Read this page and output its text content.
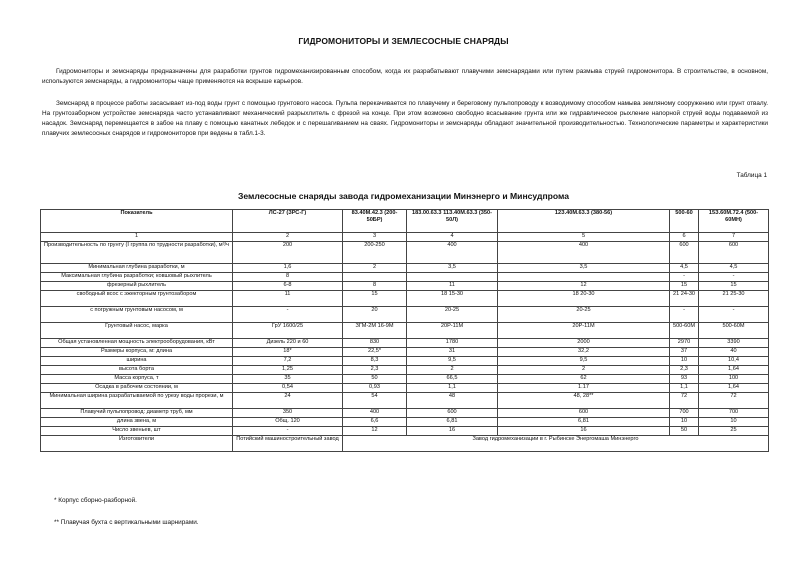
ГИДРОМОНИТОРЫ И ЗЕМЛЕСОСНЫЕ СНАРЯДЫ
Гидромониторы и земснаряды предназначены для разработки грунтов гидромеханизированным способом, когда их разрабатывают плавучими земснарядами или путем размыва струей гидромонитора. В строительстве, в основном, используются земснаряды, а гидромониторы чаще применяются на вскрыше карьеров.
Земснаряд в процессе работы засасывает из-под воды грунт с помощью грунтового насоса. Пульпа перекачивается по плавучему и береговому пульпопроводу к возводимому способом намыва земляному сооружению или грунт отвалу. На грунтозаборном устройстве земснаряда часто устанавливают механический разрыхлитель с фрезой на конце. При этом возможно свободно всасывание грунта или же гидравлическое рыхление напорной струей воды подаваемой из насадок. Земснаряд перемещается в забое на плаву с помощью канатных лебедок и с перешагиванием на сваях. Гидромониторы и земснаряды обладают значительной производительностью. Технологические параметры и характеристики плавучих землесосных снарядов и гидромониторов при ведены в табл.1-3.
Таблица 1
Землесосные снаряды завода гидромеханизации Минэнерго и Минсудпрома
Показатель	ЛС-27 (ЗРС-Г)	83.40М.42.3 (200-50БР)	183.00.63.3 11З.40М.63.3 (350-50Л)	12З.40М.63.3 (380-56)	500-60	15З.60М.72.4 (500-60МН)
1	2	3	4	5	6	7
Производительность по грунту (I группа по трудности разработки), м³/ч	200	200-250	400	400	600	600
Минимальная глубина разработки, м	1,6	2	3,5	3,5	4,5	4,5
Максимальная глубина разработки; ковшовый рыхлитель	8				-	-
фрезерный рыхлитель	6-8	8	11	12	15	15
свободный всос с эжекторным грунтозабором	11	15	18 15-30	18 20-30	21 24-30	21 25-30
с погружным грунтовым насосом, м	-	20	20-25	20-25	-	-
Грунтовый насос, марка	ГрУ 1600/25	ЗГМ-2М 16-9М	20Р-11М	20Р-11М	500-60М	500-60М
Общая установленная мощность электрооборудования, кВт	Дизель 220 и 60	830	1780	2000	2970	3390
Размеры корпуса, м: длина	18*	22,5*	31	32,2	37	40
ширина	7,2	8,3	9,5	9,5	10	10,4
высота борта	1,25	2,3	2	2	2,3	1,64
Масса корпуса, т	35	50	66,5	62	93	100
Осадка в рабочем состоянии, м	0,54	0,93	1,1	1.17	1,1	1,64
Минимальная ширина разрабатываемой по урезу воды прорези, м	24	54	48	48, 28**	72	72
Плавучий пульпопровод: диаметр труб, мм	350	400	600	600	700	700
длина звена, м	Общ. 120	6,6	6,81	6,81	10	10
Число звеньев, шт	-	12	16	16	50	25
Изготовители	Потийский машиностроительный завод	Завод гидромеханизации в г. Рыбинске Энергомаша Минэнерго				
* Корпус сборно-разборной.
** Плавучая бухта с вертикальными шарнирами.
